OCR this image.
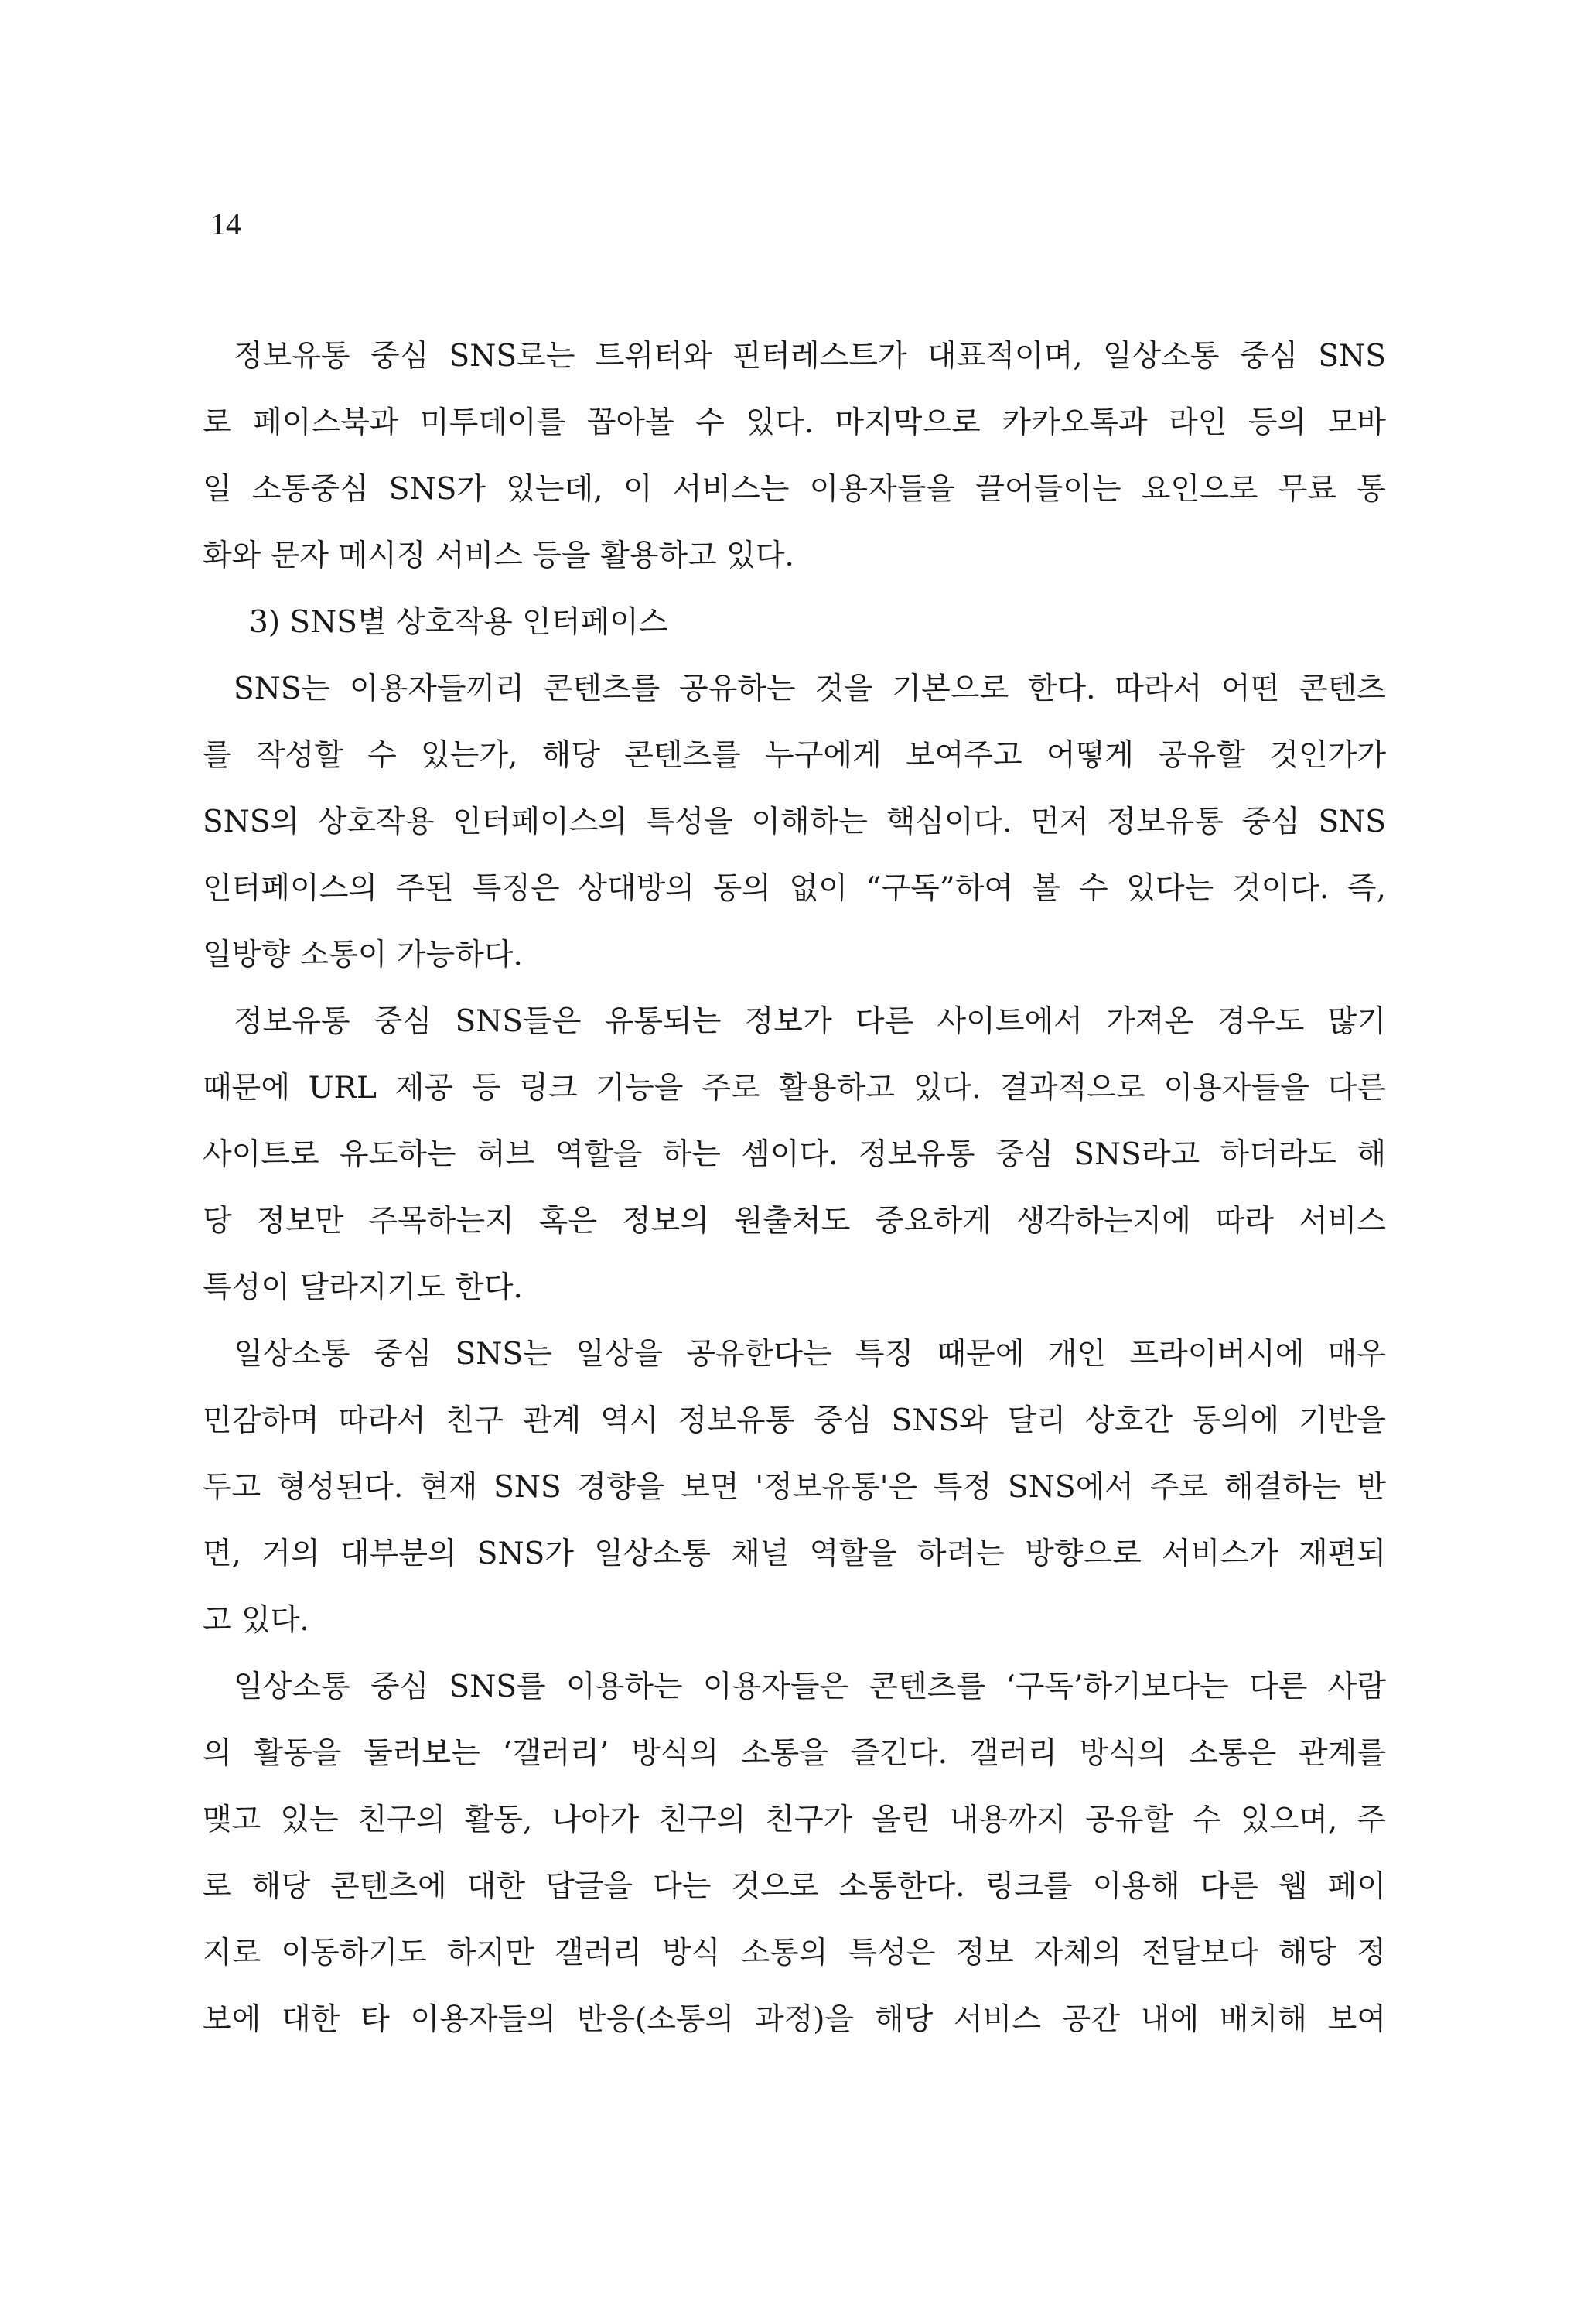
14

정보유통 중심 SNS로는 트위터와 핀터레스트가 대표적이며, 일상소통 중심 SNS
로 페이스북과 미투데이를 꼽아볼 수 있다. 마지막으로 카카오톡과 라인 등의 모바
일 소통중심 SNS가 있는데, 이 서비스는 이용자들을 끌어들이는 요인으로 무료 통
화와 문자 메시징 서비스 등을 활용하고 있다.
3) SNS별 상호작용 인터페이스
SNS는 이용자들끼리 콘텐츠를 공유하는 것을 기본으로 한다. 따라서 어떤 콘텐츠
를 작성할 수 있는가, 해당 콘텐츠를 누구에게 보여주고 어떻게 공유할 것인가가
SNS의 상호작용 인터페이스의 특성을 이해하는 핵심이다. 먼저 정보유통 중심 SNS
인터페이스의 주된 특징은 상대방의 동의 없이 “구독”하여 볼 수 있다는 것이다. 즉,
일방향 소통이 가능하다.
정보유통 중심 SNS들은 유통되는 정보가 다른 사이트에서 가져온 경우도 많기
때문에 URL 제공 등 링크 기능을 주로 활용하고 있다. 결과적으로 이용자들을 다른
사이트로 유도하는 허브 역할을 하는 셈이다. 정보유통 중심 SNS라고 하더라도 해
당 정보만 주목하는지 혹은 정보의 원출처도 중요하게 생각하는지에 따라 서비스
특성이 달라지기도 한다.
일상소통 중심 SNS는 일상을 공유한다는 특징 때문에 개인 프라이버시에 매우
민감하며 따라서 친구 관계 역시 정보유통 중심 SNS와 달리 상호간 동의에 기반을
두고 형성된다. 현재 SNS 경향을 보면 '정보유통'은 특정 SNS에서 주로 해결하는 반
면, 거의 대부분의 SNS가 일상소통 채널 역할을 하려는 방향으로 서비스가 재편되
고 있다.
일상소통 중심 SNS를 이용하는 이용자들은 콘텐츠를 ‘구독’하기보다는 다른 사람
의 활동을 둘러보는 ‘갤러리’ 방식의 소통을 즐긴다. 갤러리 방식의 소통은 관계를
맺고 있는 친구의 활동, 나아가 친구의 친구가 올린 내용까지 공유할 수 있으며, 주
로 해당 콘텐츠에 대한 답글을 다는 것으로 소통한다. 링크를 이용해 다른 웹 페이
지로 이동하기도 하지만 갤러리 방식 소통의 특성은 정보 자체의 전달보다 해당 정
보에 대한 타 이용자들의 반응(소통의 과정)을 해당 서비스 공간 내에 배치해 보여
